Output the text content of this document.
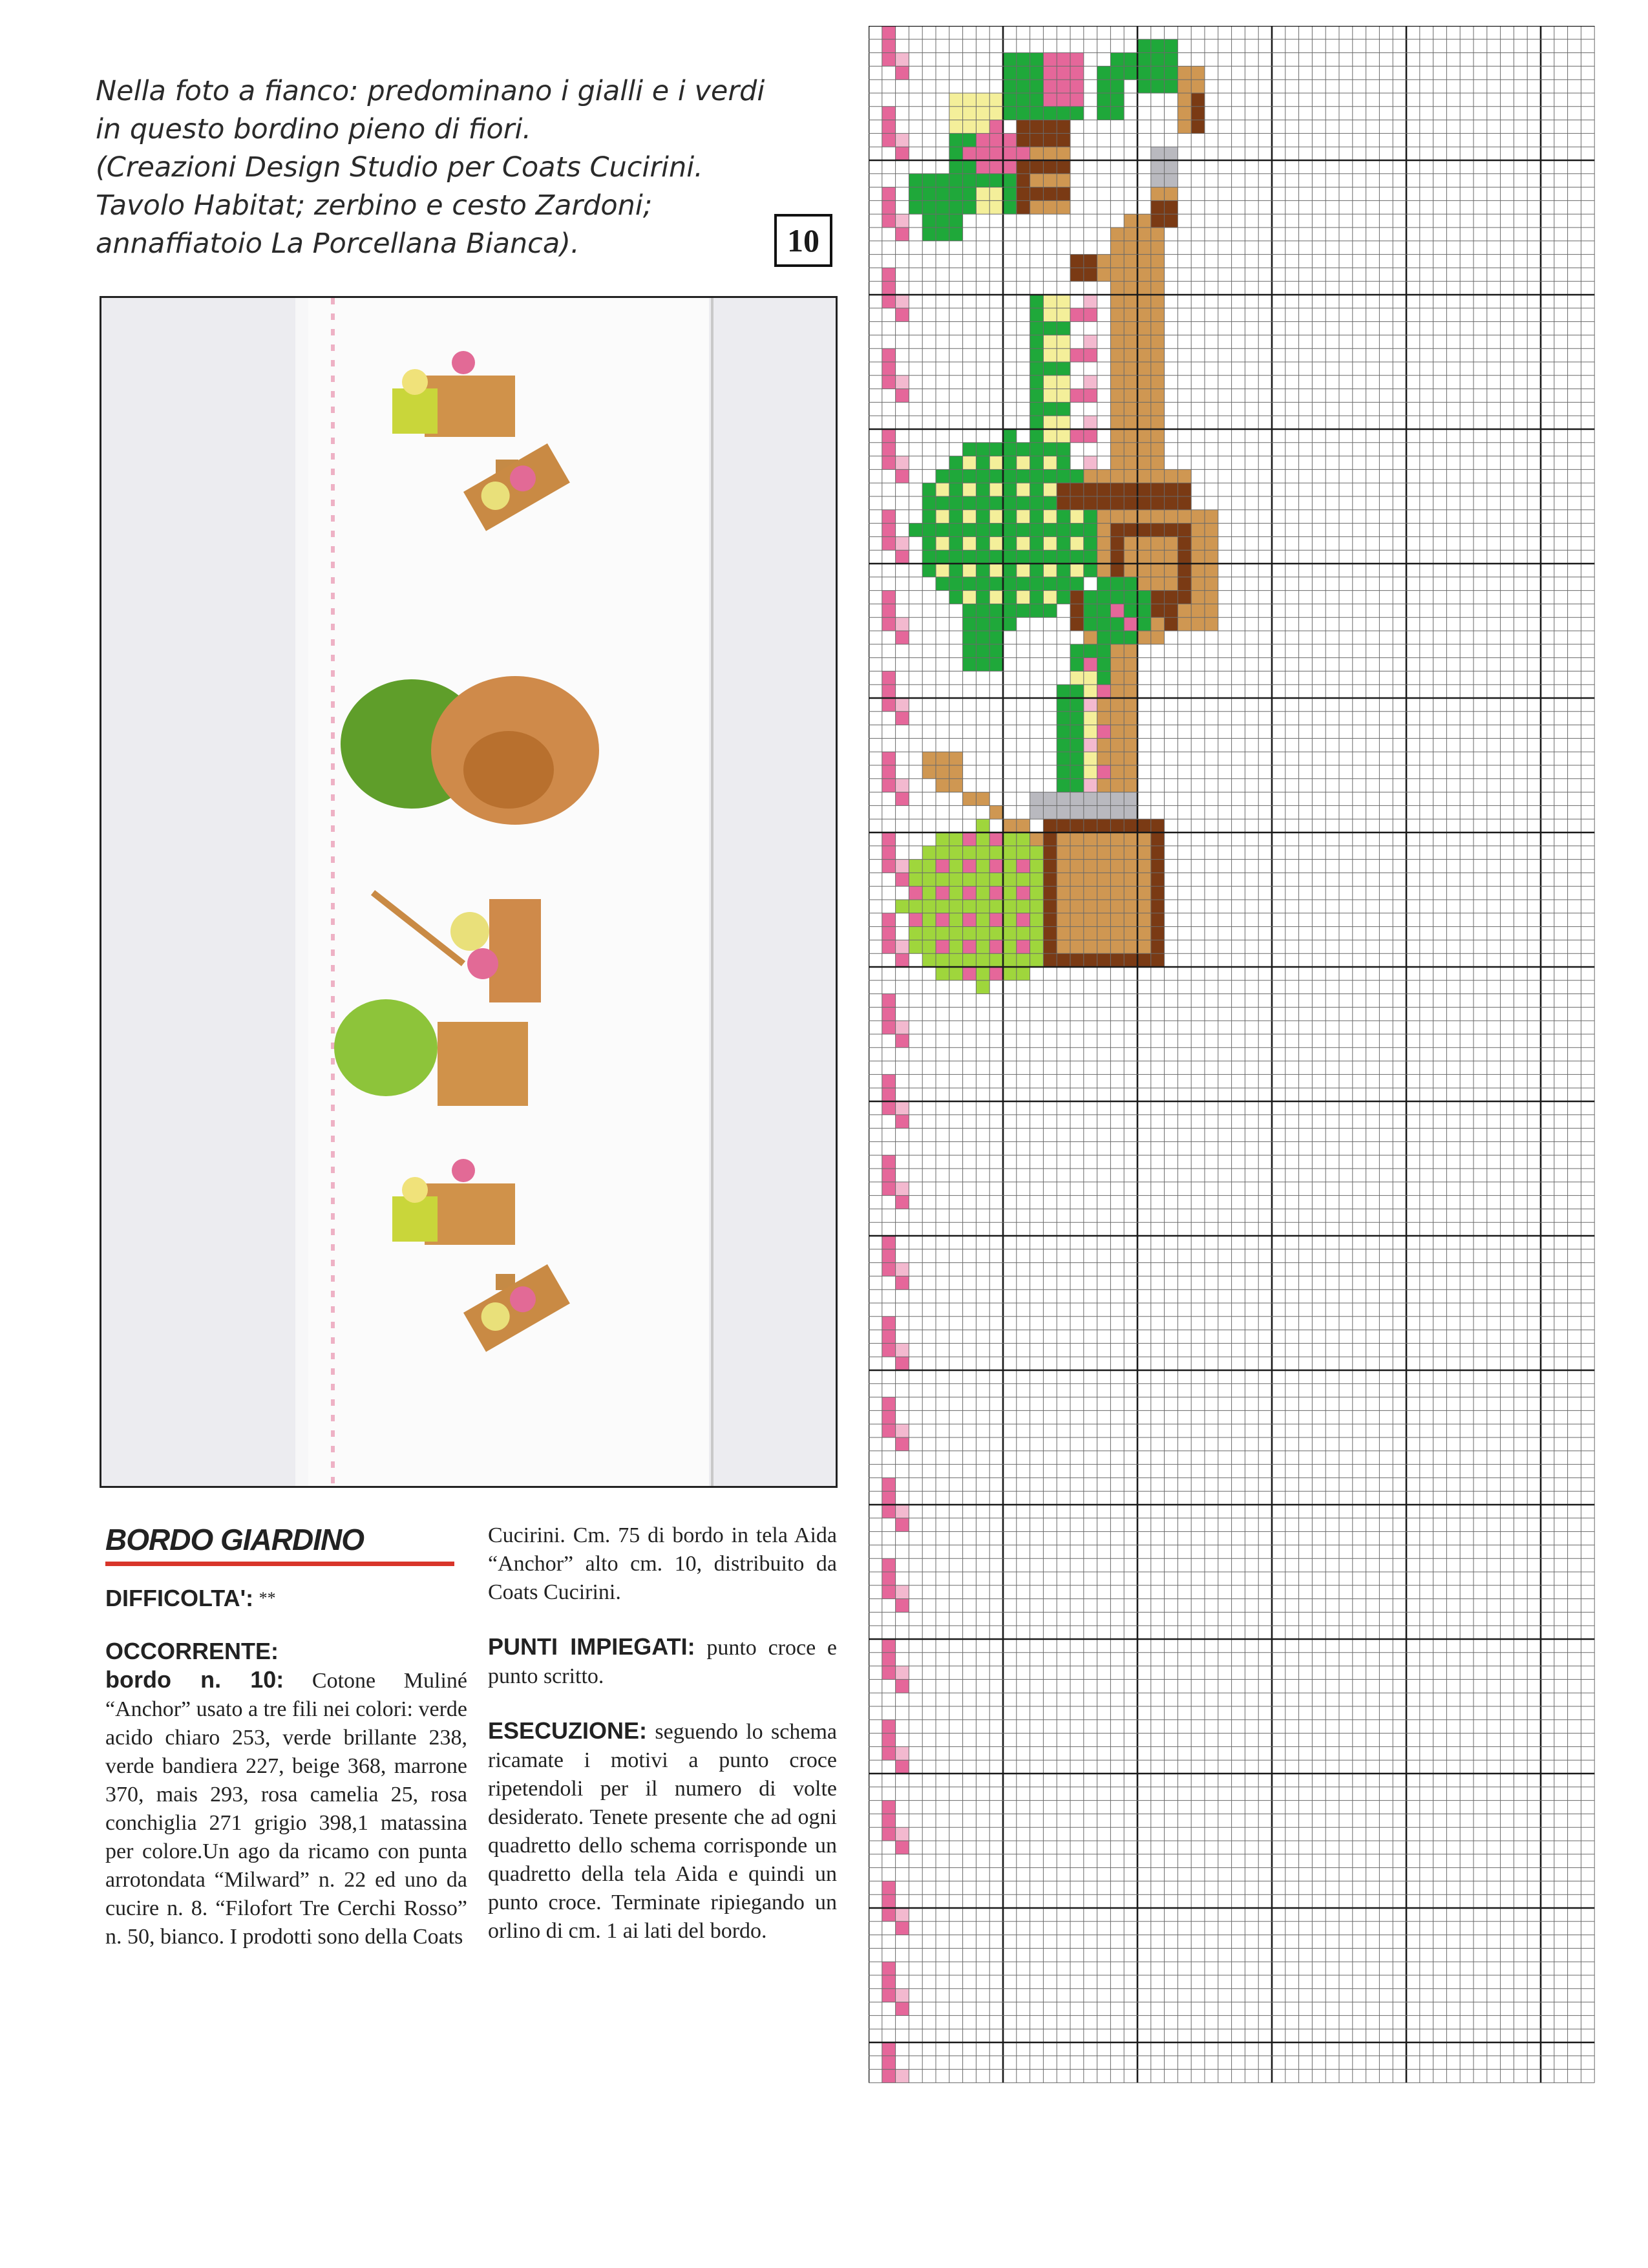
Nella foto a fianco: predominano i gialli e i verdi
in questo bordino pieno di fiori.
(Creazioni Design Studio per Coats Cucirini.
Tavolo Habitat; zerbino e cesto Zardoni;
annaffiatoio La Porcellana Bianca).	10
BORDO GIARDINO
DIFFICOLTA': **
OCCORRENTE:
bordo n. 10: Cotone Muliné “Anchor” usato a tre fili nei colori: verde acido chiaro 253, verde brillante 238, verde bandiera 227, beige 368, marrone 370, mais 293, rosa camelia 25, rosa conchiglia 271 grigio 398,1 matassina per colore.Un ago da ricamo con punta arrotondata “Milward” n. 22 ed uno da cucire n. 8. “Filofort Tre Cerchi Rosso” n. 50, bianco. I prodotti sono della Coats
Cucirini. Cm. 75 di bordo in tela Aida “Anchor” alto cm. 10, distribuito da Coats Cucirini.
PUNTI IMPIEGATI: punto croce e punto scritto.
ESECUZIONE: seguendo lo schema ricamate i motivi a punto croce ripetendoli per il numero di volte desiderato. Tenete presente che ad ogni quadretto dello schema corrisponde un quadretto della tela Aida e quindi un punto croce. Terminate ripiegando un orlino di cm. 1 ai lati del bordo.
